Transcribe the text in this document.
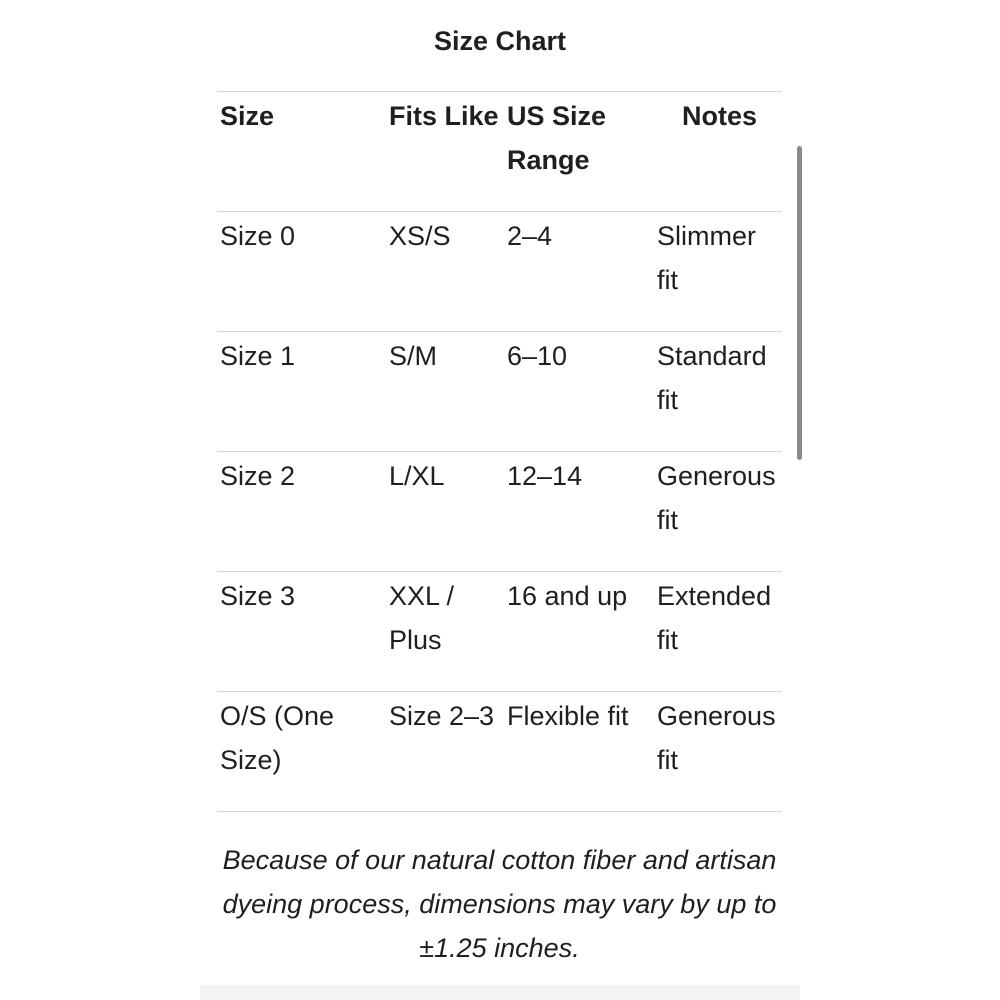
Size Chart
Size	Fits Like	US Size Range	Notes
Size 0	XS/S	2–4	Slimmer fit
Size 1	S/M	6–10	Standard fit
Size 2	L/XL	12–14	Generous fit
Size 3	XXL / Plus	16 and up	Extended fit
O/S (One Size)	Size 2–3	Flexible fit	Generous fit

Because of our natural cotton fiber and artisan dyeing process, dimensions may vary by up to ±1.25 inches.
